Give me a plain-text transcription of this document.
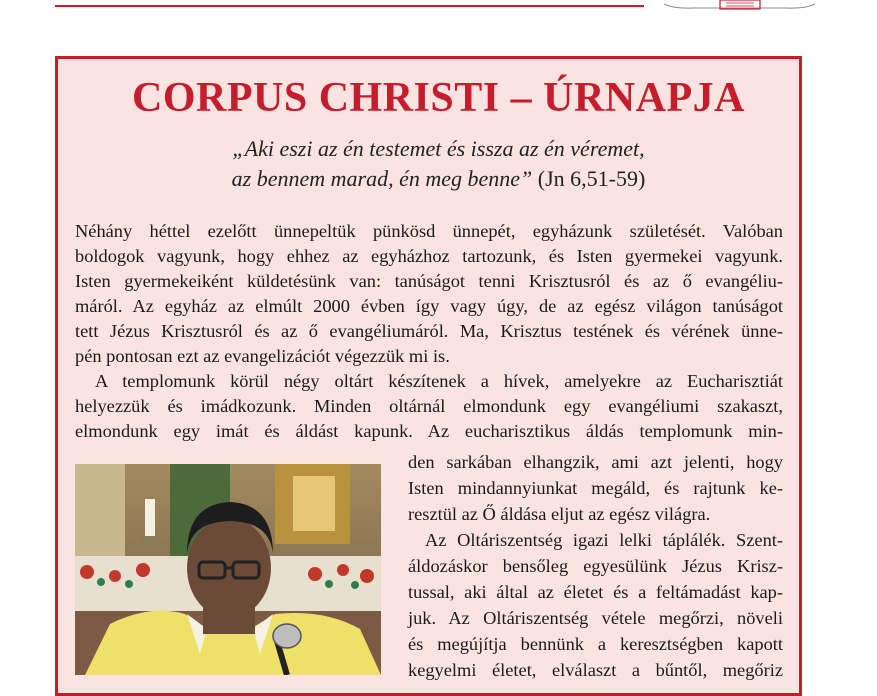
CORPUS CHRISTI – ÚRNAPJA

„Aki eszi az én testemet és issza az én véremet,

az bennem marad, én meg benne” (Jn 6,51-59)

Néhány héttel ezelőtt ünnepeltük pünkösd ünnepét, egyházunk születését. Valóban

boldogok vagyunk, hogy ehhez az egyházhoz tartozunk, és Isten gyermekei vagyunk.

Isten gyermekeiként küldetésünk van: tanúságot tenni Krisztusról és az ő evangéliu-

máról. Az egyház az elmúlt 2000 évben így vagy úgy, de az egész világon tanúságot

tett Jézus Krisztusról és az ő evangéliumáról. Ma, Krisztus testének és vérének ünne-

pén pontosan ezt az evangelizációt végezzük mi is.

A templomunk körül négy oltárt készítenek a hívek, amelyekre az Eucharisztiát

helyezzük és imádkozunk. Minden oltárnál elmondunk egy evangéliumi szakaszt,

elmondunk egy imát és áldást kapunk. Az eucharisztikus áldás templomunk min-

den sarkában elhangzik, ami azt jelenti, hogy

Isten mindannyiunkat megáld, és rajtunk ke-

resztül az Ő áldása eljut az egész világra.

Az Oltáriszentség igazi lelki táplálék. Szent-

áldozáskor bensőleg egyesülünk Jézus Krisz-

tussal, aki által az életet és a feltámadást kap-

juk. Az Oltáriszentség vétele megőrzi, növeli

és megújítja bennünk a keresztségben kapott

kegyelmi életet, elválaszt a bűntől, megőriz
